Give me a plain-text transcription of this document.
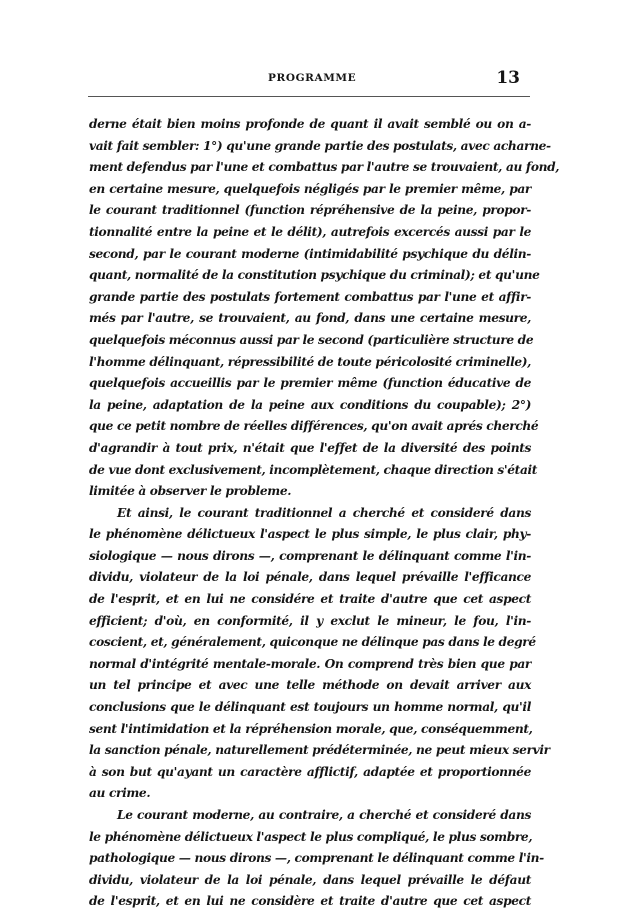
PROGRAMME	13
derne était bien moins profonde de quant il avait semblé ou on a-
vait fait sembler: 1°) qu'une grande partie des postulats, avec acharne-
ment defendus par l'une et combattus par l'autre se trouvaient, au fond,
en certaine mesure, quelquefois négligés par le premier même, par
le courant traditionnel (function répréhensive de la peine, propor-
tionnalité entre la peine et le délit), autrefois excercés aussi par le
second, par le courant moderne (intimidabilité psychique du délin-
quant, normalité de la constitution psychique du criminal); et qu'une
grande partie des postulats fortement combattus par l'une et affir-
més par l'autre, se trouvaient, au fond, dans une certaine mesure,
quelquefois méconnus aussi par le second (particulière structure de
l'homme délinquant, répressibilité de toute péricolosité criminelle),
quelquefois accueillis par le premier même (function éducative de
la peine, adaptation de la peine aux conditions du coupable); 2°)
que ce petit nombre de réelles différences, qu'on avait aprés cherché
d'agrandir à tout prix, n'était que l'effet de la diversité des points
de vue dont exclusivement, incomplètement, chaque direction s'était
limitée à observer le probleme.
Et ainsi, le courant traditionnel a cherché et consideré dans
le phénomène délictueux l'aspect le plus simple, le plus clair, phy-
siologique — nous dirons —, comprenant le délinquant comme l'in-
dividu, violateur de la loi pénale, dans lequel prévaille l'efficance
de l'esprit, et en lui ne considére et traite d'autre que cet aspect
efficient; d'où, en conformité, il y exclut le mineur, le fou, l'in-
coscient, et, généralement, quiconque ne délinque pas dans le degré
normal d'intégrité mentale-morale. On comprend très bien que par
un tel principe et avec une telle méthode on devait arriver aux
conclusions que le délinquant est toujours un homme normal, qu'il
sent l'intimidation et la répréhension morale, que, conséquemment,
la sanction pénale, naturellement prédéterminée, ne peut mieux servir
à son but qu'ayant un caractère afflictif, adaptée et proportionnée
au crime.
Le courant moderne, au contraire, a cherché et consideré dans
le phénomène délictueux l'aspect le plus compliqué, le plus sombre,
pathologique — nous dirons —, comprenant le délinquant comme l'in-
dividu, violateur de la loi pénale, dans lequel prévaille le défaut
de l'esprit, et en lui ne considère et traite d'autre que cet aspect
